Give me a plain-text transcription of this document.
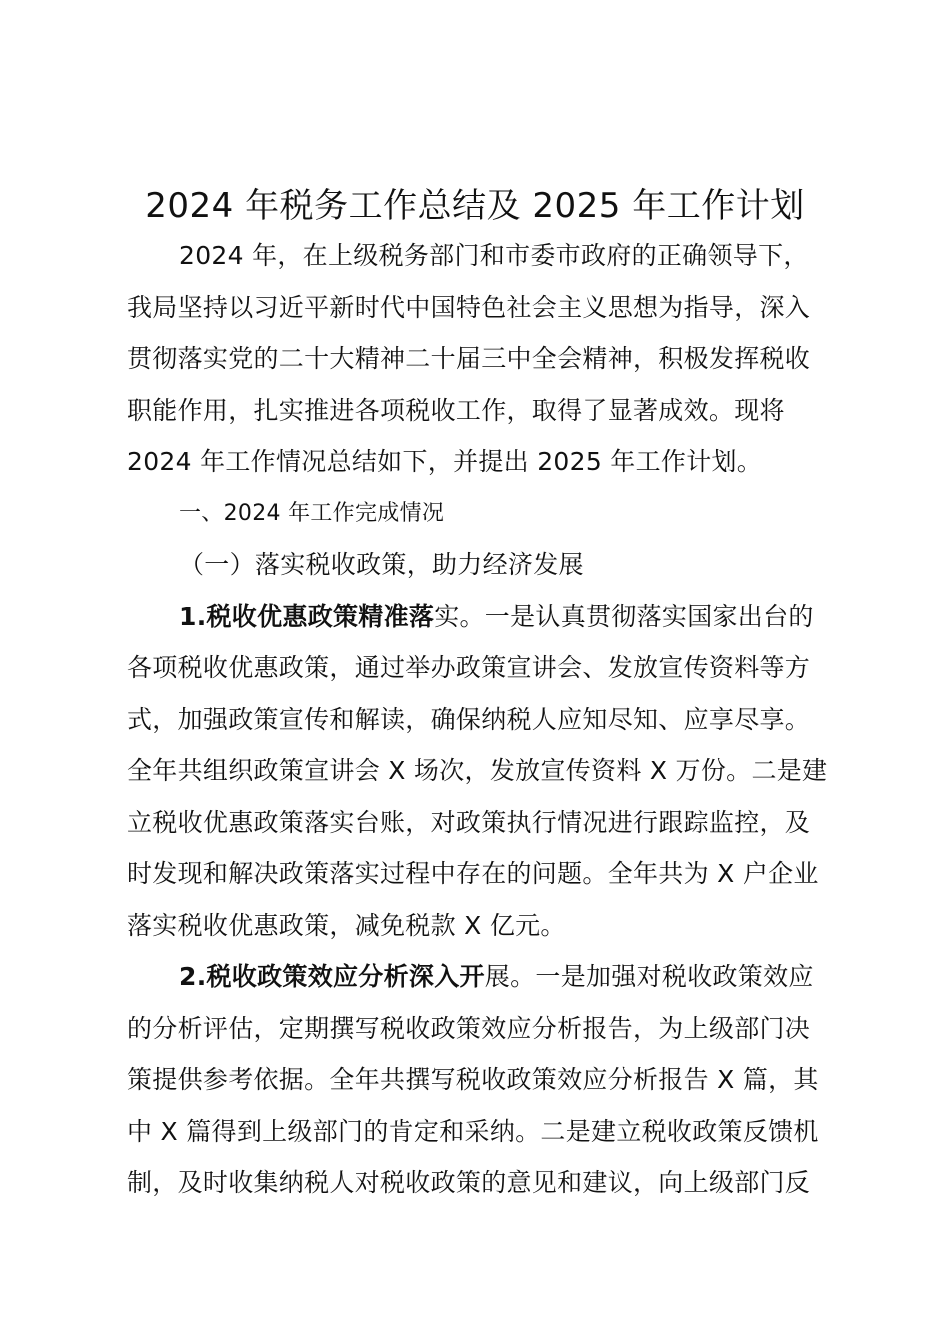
2024 年税务工作总结及 2025 年工作计划
2024 年，在上级税务部门和市委市政府的正确领导下，
我局坚持以习近平新时代中国特色社会主义思想为指导，深入
贯彻落实党的二十大精神二十届三中全会精神，积极发挥税收
职能作用，扎实推进各项税收工作，取得了显著成效。现将
2024 年工作情况总结如下，并提出 2025 年工作计划。
一、2024 年工作完成情况
（一）落实税收政策，助力经济发展
1.税收优惠政策精准落实。一是认真贯彻落实国家出台的
各项税收优惠政策，通过举办政策宣讲会、发放宣传资料等方
式，加强政策宣传和解读，确保纳税人应知尽知、应享尽享。
全年共组织政策宣讲会 X 场次，发放宣传资料 X 万份。二是建
立税收优惠政策落实台账，对政策执行情况进行跟踪监控，及
时发现和解决政策落实过程中存在的问题。全年共为 X 户企业
落实税收优惠政策，减免税款 X 亿元。
2.税收政策效应分析深入开展。一是加强对税收政策效应
的分析评估，定期撰写税收政策效应分析报告，为上级部门决
策提供参考依据。全年共撰写税收政策效应分析报告 X 篇，其
中 X 篇得到上级部门的肯定和采纳。二是建立税收政策反馈机
制，及时收集纳税人对税收政策的意见和建议，向上级部门反
